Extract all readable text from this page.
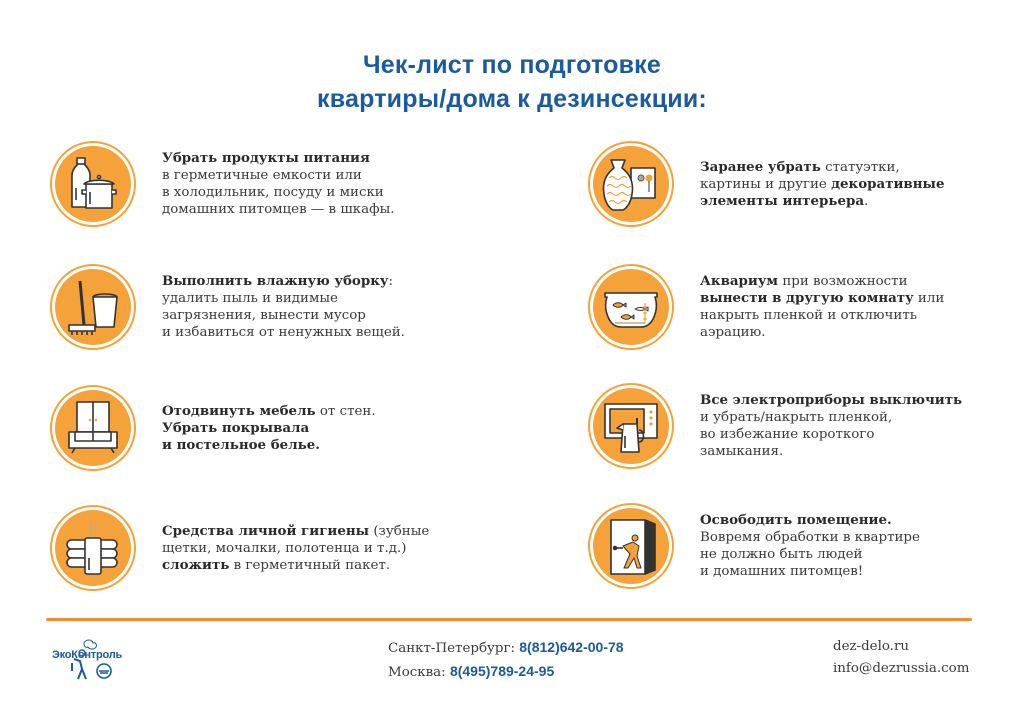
Чек-лист по подготовке
квартиры/дома к дезинсекции:
Убрать продукты питания
в герметичные емкости или
в холодильник, посуду и миски
домашних питомцев — в шкафы.
Выполнить влажную уборку:
удалить пыль и видимые
загрязнения, вынести мусор
и избавиться от ненужных вещей.
Отодвинуть мебель от стен.
Убрать покрывала
и постельное белье.
Средства личной гигиены (зубные
щетки, мочалки, полотенца и т.д.)
сложить в герметичный пакет.
Заранее убрать статуэтки,
картины и другие декоративные
элементы интерьера.
Аквариум при возможности
вынести в другую комнату или
накрыть пленкой и отключить
аэрацию.
Все электроприборы выключить
и убрать/накрыть пленкой,
во избежание короткого
замыкания.
Освободить помещение.
Вовремя обработки в квартире
не должно быть людей
и домашних питомцев!
ЭкоКонтроль	Санкт-Петербург: 8(812)642-00-78
Москва: 8(495)789-24-95
dez-delo.ru
info@dezrussia.com
